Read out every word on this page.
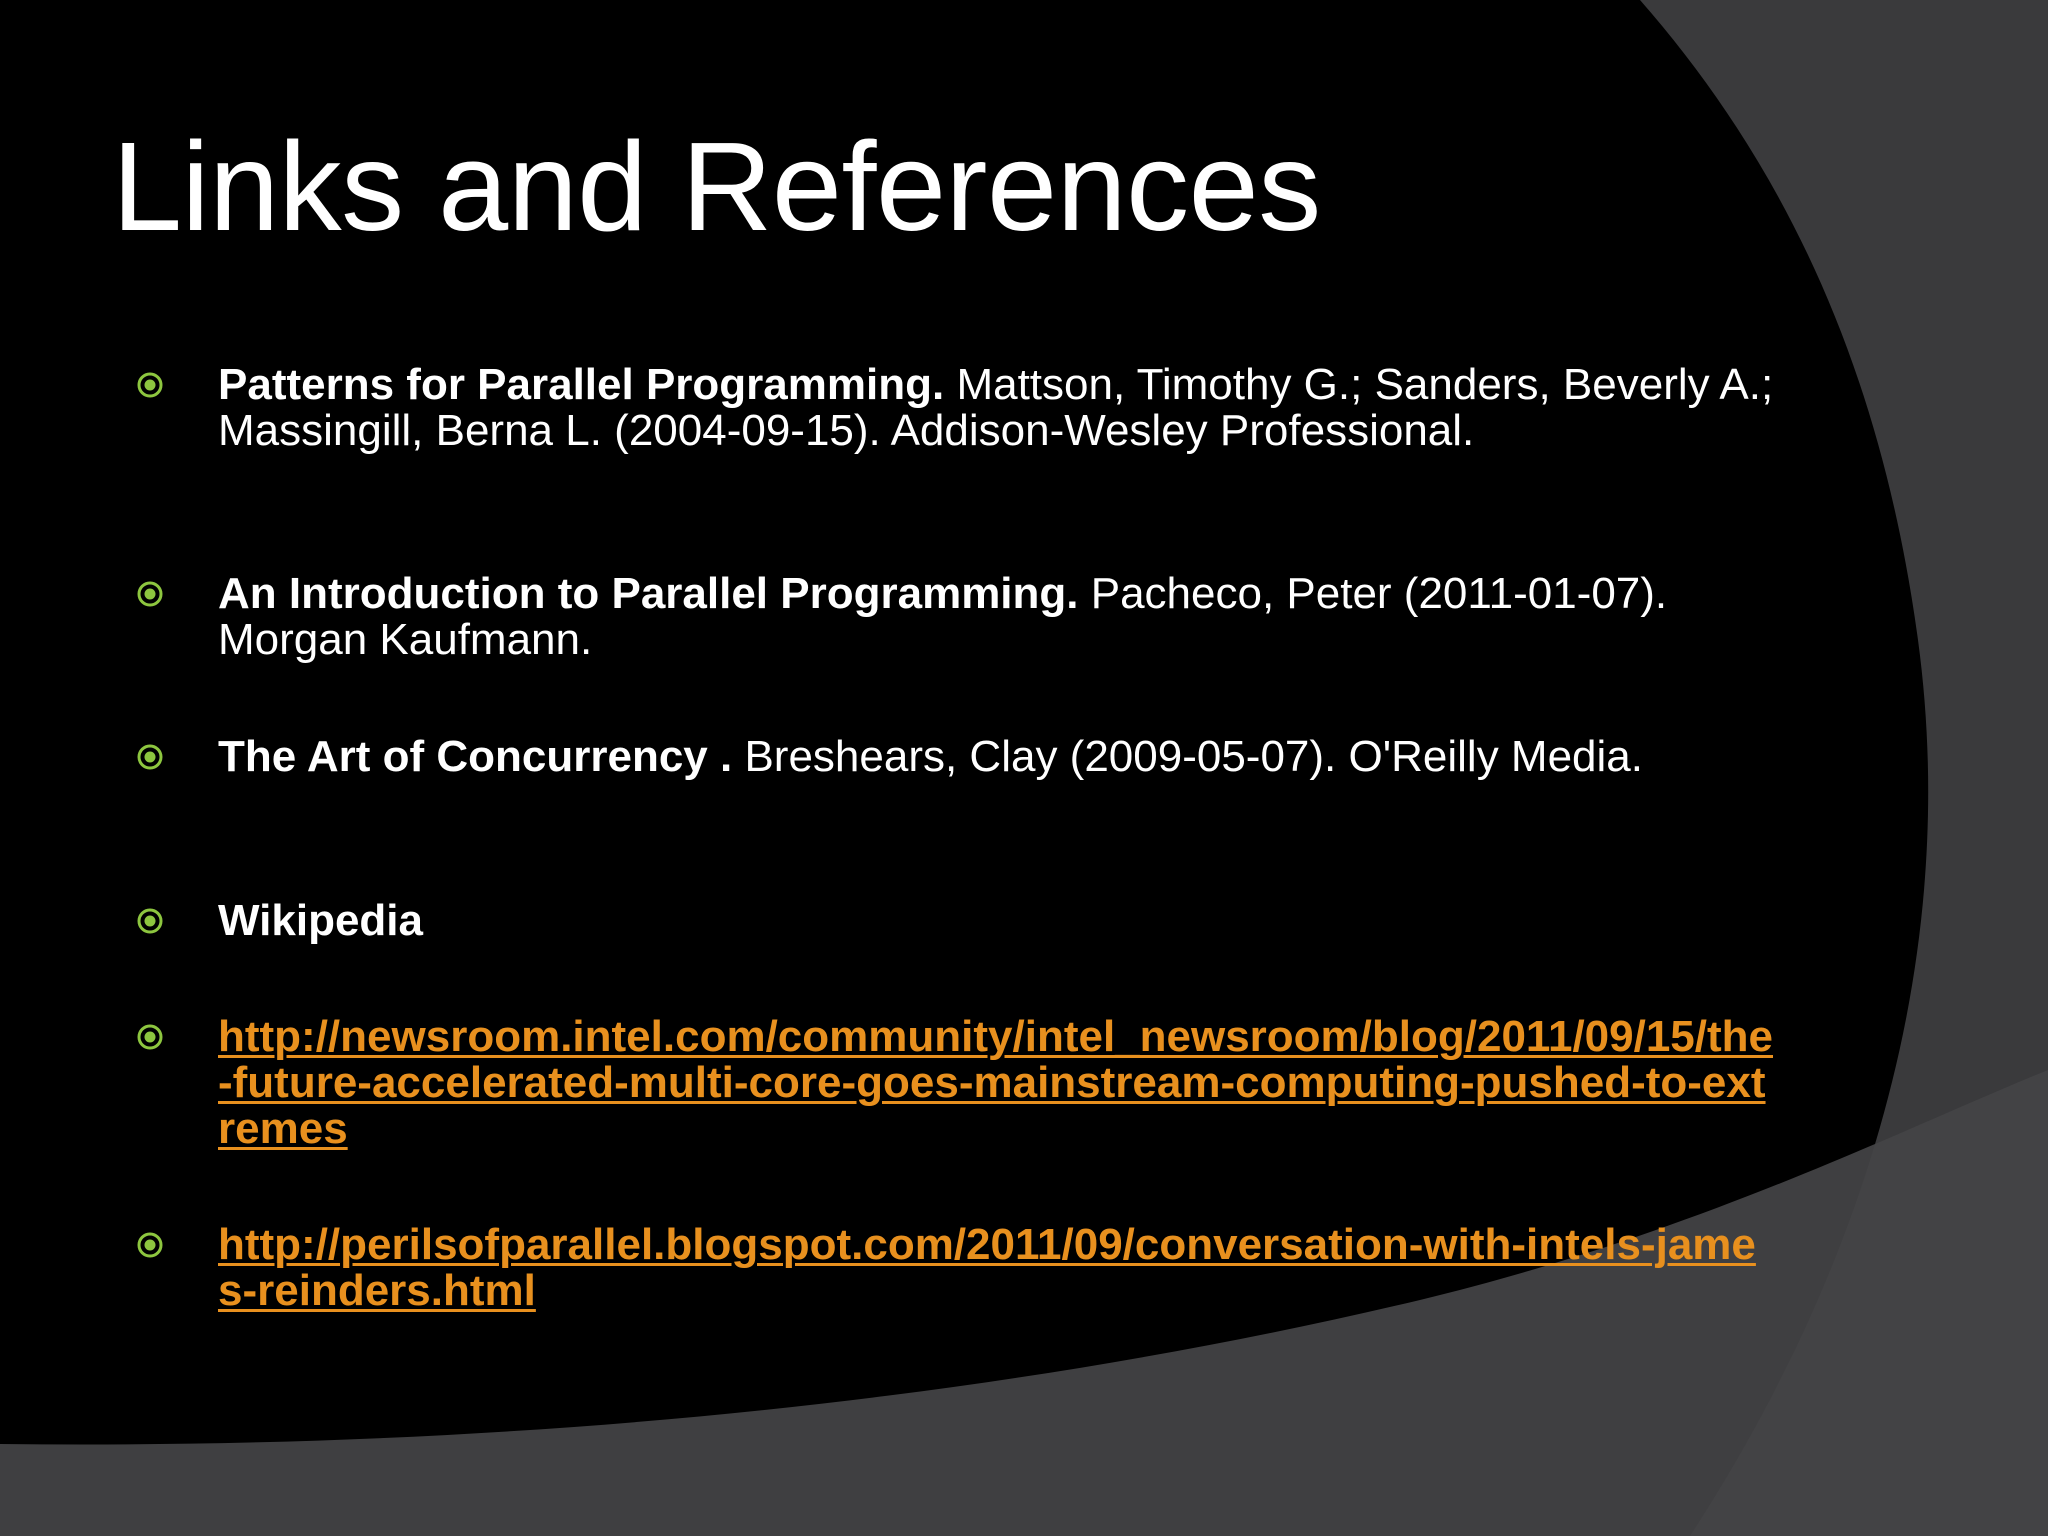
Links and References
Patterns for Parallel Programming. Mattson, Timothy G.; Sanders, Beverly A.; Massingill, Berna L. (2004-09-15). Addison-Wesley Professional.
An Introduction to Parallel Programming. Pacheco, Peter (2011-01-07). Morgan Kaufmann.
The Art of Concurrency . Breshears, Clay (2009-05-07). O'Reilly Media.
Wikipedia
http://newsroom.intel.com/community/intel_newsroom/blog/2011/09/15/the-future-accelerated-multi-core-goes-mainstream-computing-pushed-to-extremes
http://perilsofparallel.blogspot.com/2011/09/conversation-with-intels-james-reinders.html
